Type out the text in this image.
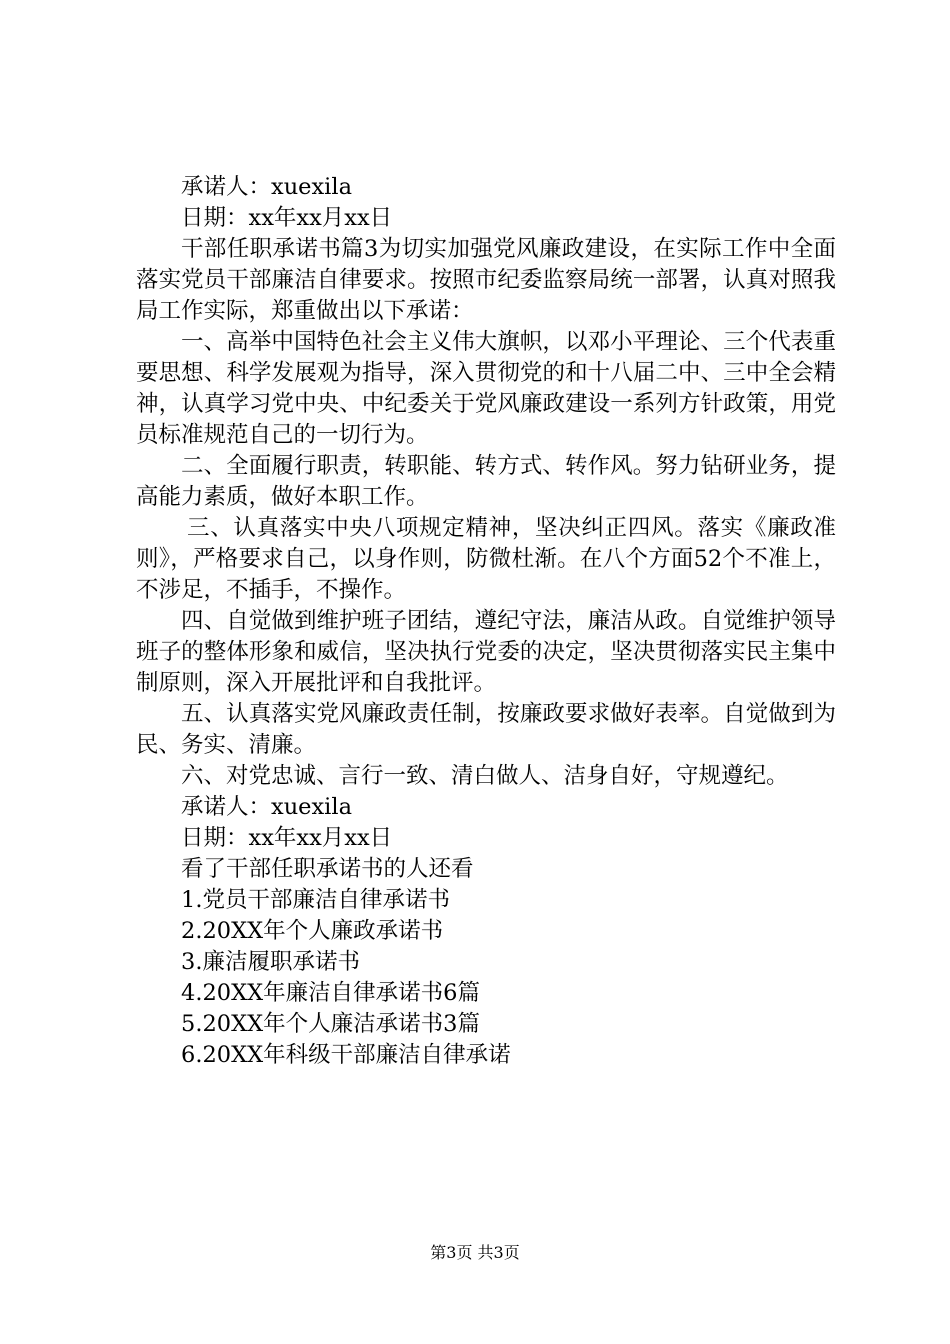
承诺人：xuexila

日期：xx年xx月xx日

干部任职承诺书篇3为切实加强党风廉政建设，在实际工作中全面落实党员干部廉洁自律要求。按照市纪委监察局统一部署，认真对照我局工作实际，郑重做出以下承诺：

一、高举中国特色社会主义伟大旗帜，以邓小平理论、三个代表重要思想、科学发展观为指导，深入贯彻党的和十八届二中、三中全会精神，认真学习党中央、中纪委关于党风廉政建设一系列方针政策，用党员标准规范自己的一切行为。

二、全面履行职责，转职能、转方式、转作风。努力钻研业务，提高能力素质，做好本职工作。

三、认真落实中央八项规定精神，坚决纠正四风。落实《廉政准则》，严格要求自己，以身作则，防微杜渐。在八个方面52个不准上，不涉足，不插手，不操作。

四、自觉做到维护班子团结，遵纪守法，廉洁从政。自觉维护领导班子的整体形象和威信，坚决执行党委的决定，坚决贯彻落实民主集中制原则，深入开展批评和自我批评。

五、认真落实党风廉政责任制，按廉政要求做好表率。自觉做到为民、务实、清廉。

六、对党忠诚、言行一致、清白做人、洁身自好，守规遵纪。

承诺人：xuexila

日期：xx年xx月xx日

看了干部任职承诺书的人还看

1.党员干部廉洁自律承诺书

2.20XX年个人廉政承诺书

3.廉洁履职承诺书

4.20XX年廉洁自律承诺书6篇

5.20XX年个人廉洁承诺书3篇

6.20XX年科级干部廉洁自律承诺

第3页 共3页
